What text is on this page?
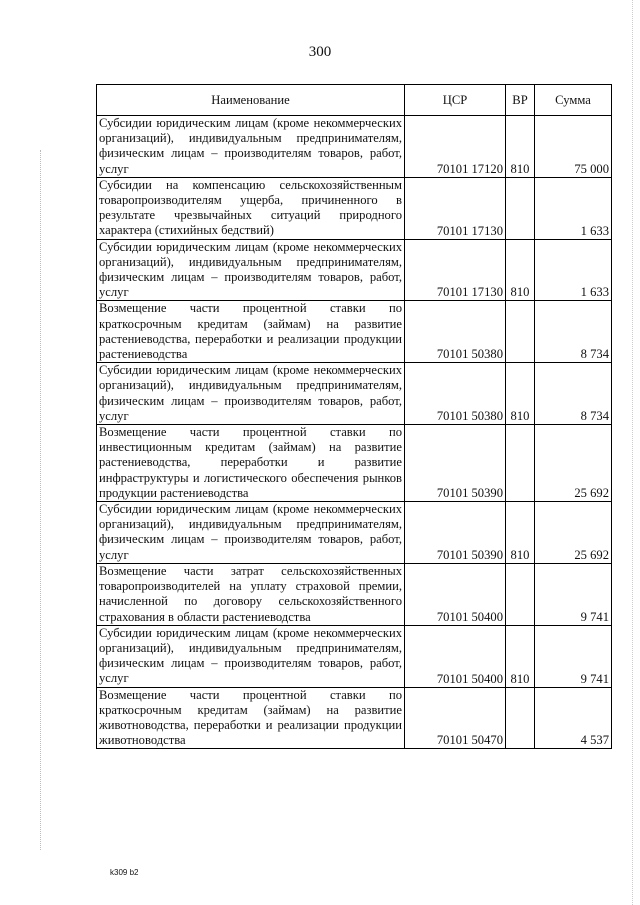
300
Наименование	ЦСР	ВР	Сумма
Субсидии юридическим лицам (кроме некоммерческих организаций), индивидуальным предпринимателям, физическим лицам – производителям товаров, работ, услуг	70101 17120	810	75 000
Субсидии на компенсацию сельскохозяйственным товаропроизводителям ущерба, причиненного в результате чрезвычайных ситуаций природного характера (стихийных бедствий)	70101 17130		1 633
Субсидии юридическим лицам (кроме некоммерческих организаций), индивидуальным предпринимателям, физическим лицам – производителям товаров, работ, услуг	70101 17130	810	1 633
Возмещение части процентной ставки по краткосрочным кредитам (займам) на развитие растениеводства, переработки и реализации продукции растениеводства	70101 50380		8 734
Субсидии юридическим лицам (кроме некоммерческих организаций), индивидуальным предпринимателям, физическим лицам – производителям товаров, работ, услуг	70101 50380	810	8 734
Возмещение части процентной ставки по инвестиционным кредитам (займам) на развитие растениеводства, переработки и развитие инфраструктуры и логистического обеспечения рынков продукции растениеводства	70101 50390		25 692
Субсидии юридическим лицам (кроме некоммерческих организаций), индивидуальным предпринимателям, физическим лицам – производителям товаров, работ, услуг	70101 50390	810	25 692
Возмещение части затрат сельскохозяйственных товаропроизводителей на уплату страховой премии, начисленной по договору сельскохозяйственного страхования в области растениеводства	70101 50400		9 741
Субсидии юридическим лицам (кроме некоммерческих организаций), индивидуальным предпринимателям, физическим лицам – производителям товаров, работ, услуг	70101 50400	810	9 741
Возмещение части процентной ставки по краткосрочным кредитам (займам) на развитие животноводства, переработки и реализации продукции животноводства	70101 50470		4 537
k309 b2
